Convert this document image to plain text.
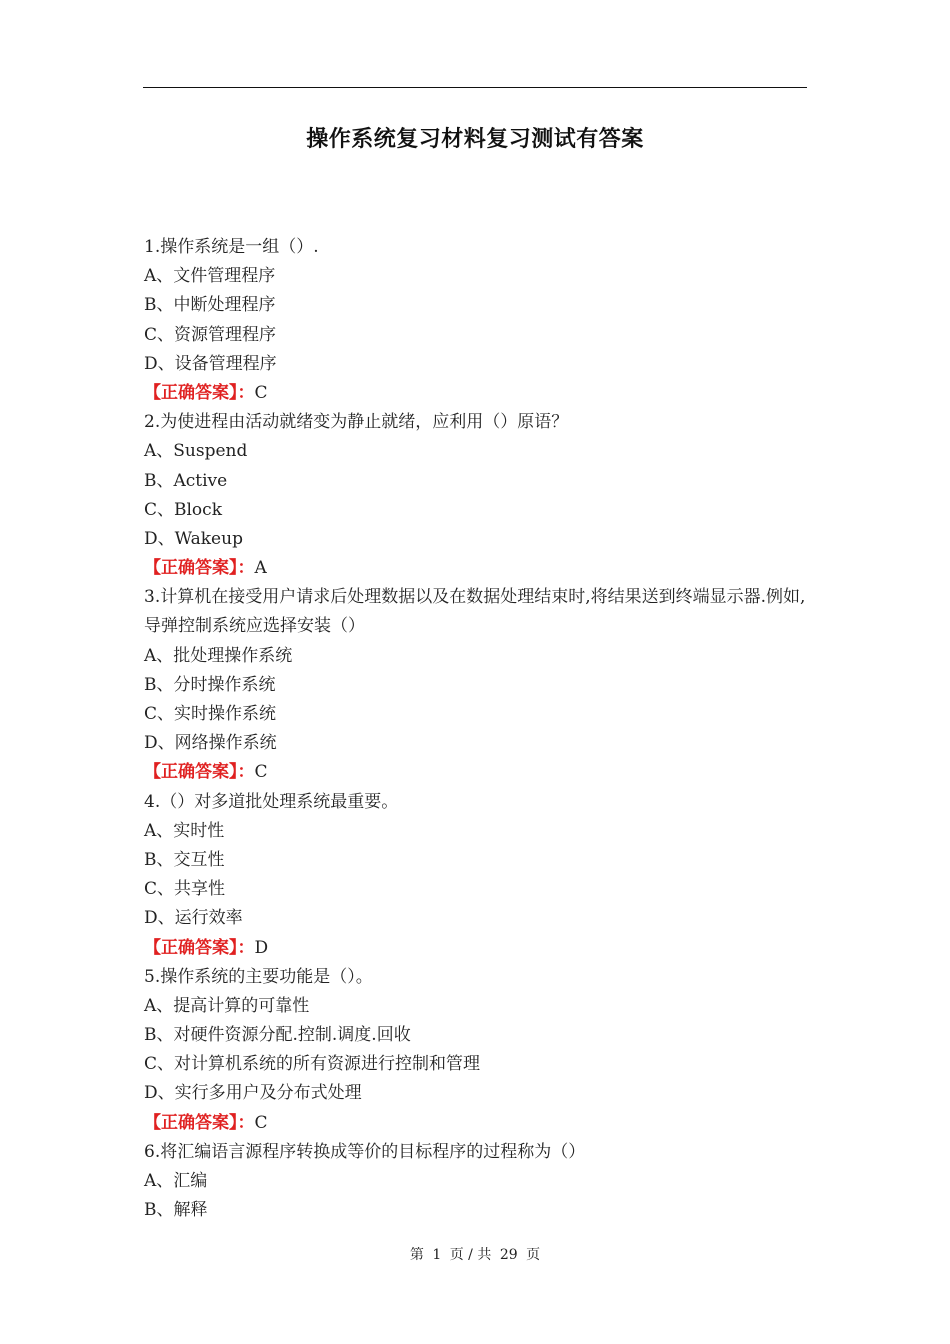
操作系统复习材料复习测试有答案
1.操作系统是一组（）.
A、文件管理程序
B、中断处理程序
C、资源管理程序
D、设备管理程序
【正确答案】：C
2.为使进程由活动就绪变为静止就绪，应利用（）原语？
A、Suspend
B、Active
C、Block
D、Wakeup
【正确答案】：A
3.计算机在接受用户请求后处理数据以及在数据处理结束时,将结果送到终端显示器.例如,导弹控制系统应选择安装（）
A、批处理操作系统
B、分时操作系统
C、实时操作系统
D、网络操作系统
【正确答案】：C
4.（）对多道批处理系统最重要。
A、实时性
B、交互性
C、共享性
D、运行效率
【正确答案】：D
5.操作系统的主要功能是（）。
A、提高计算的可靠性
B、对硬件资源分配.控制.调度.回收
C、对计算机系统的所有资源进行控制和管理
D、实行多用户及分布式处理
【正确答案】：C
6.将汇编语言源程序转换成等价的目标程序的过程称为（）
A、汇编
B、解释
第 1 页 / 共 29 页
